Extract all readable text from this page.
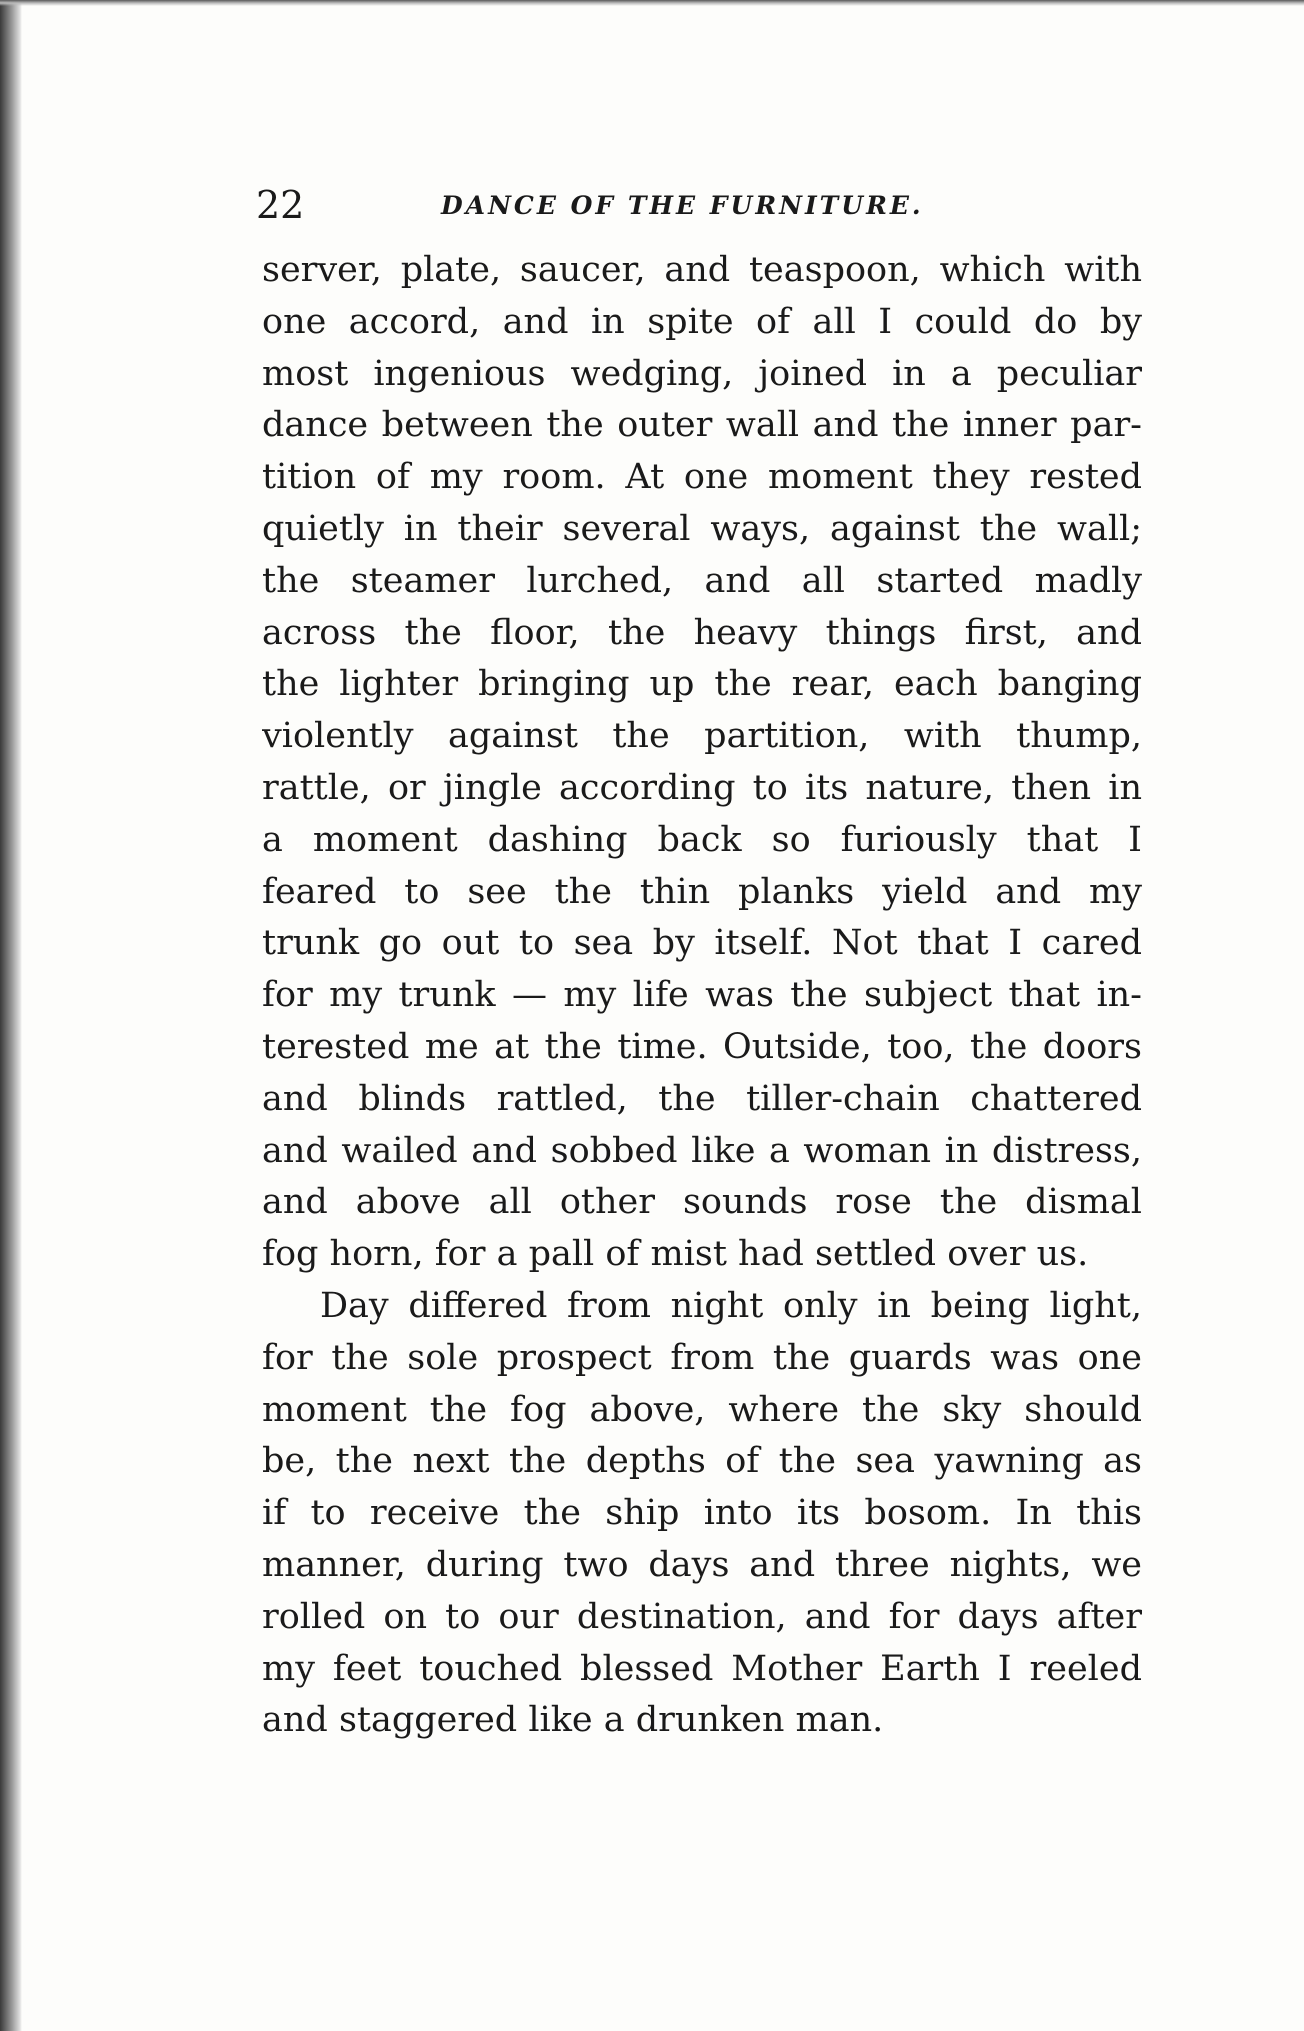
22	DANCE OF THE FURNITURE.
server, plate, saucer, and teaspoon, which with
one accord, and in spite of all I could do by
most ingenious wedging, joined in a peculiar
dance between the outer wall and the inner par-
tition of my room. At one moment they rested
quietly in their several ways, against the wall;
the steamer lurched, and all started madly
across the floor, the heavy things first, and
the lighter bringing up the rear, each banging
violently against the partition, with thump,
rattle, or jingle according to its nature, then in
a moment dashing back so furiously that I
feared to see the thin planks yield and my
trunk go out to sea by itself. Not that I cared
for my trunk — my life was the subject that in-
terested me at the time. Outside, too, the doors
and blinds rattled, the tiller-chain chattered
and wailed and sobbed like a woman in distress,
and above all other sounds rose the dismal
fog horn, for a pall of mist had settled over us.
Day differed from night only in being light,
for the sole prospect from the guards was one
moment the fog above, where the sky should
be, the next the depths of the sea yawning as
if to receive the ship into its bosom. In this
manner, during two days and three nights, we
rolled on to our destination, and for days after
my feet touched blessed Mother Earth I reeled
and staggered like a drunken man.
